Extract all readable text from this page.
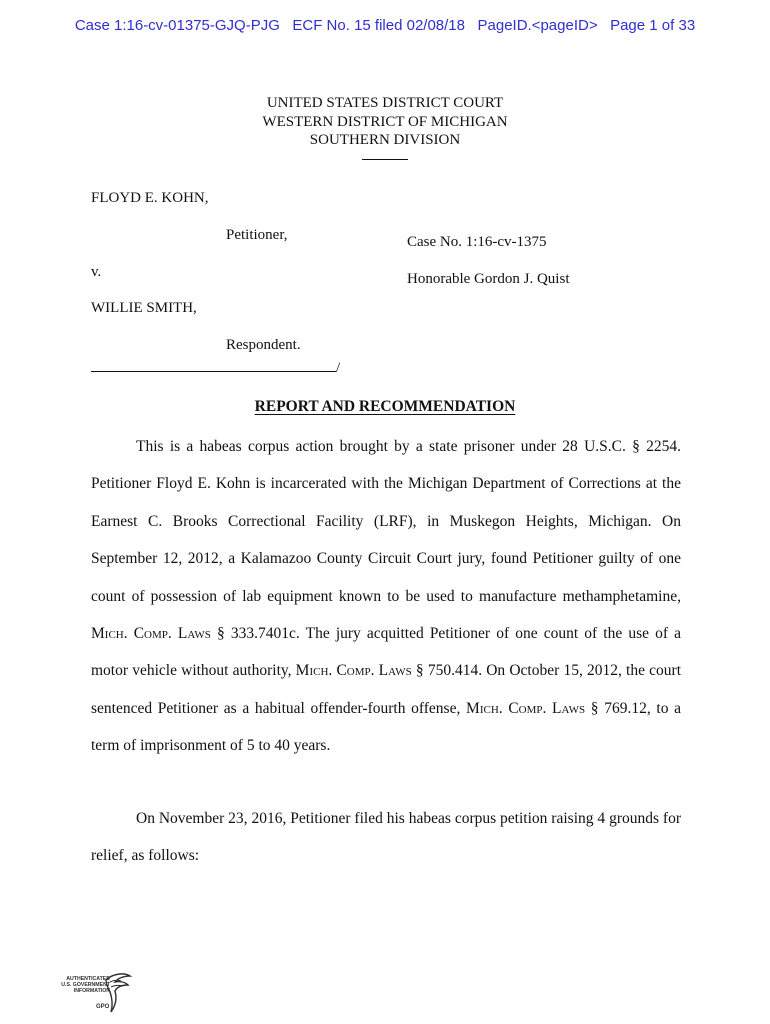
Case 1:16-cv-01375-GJQ-PJG   ECF No. 15 filed 02/08/18   PageID.<pageID>   Page 1 of 33
UNITED STATES DISTRICT COURT
WESTERN DISTRICT OF MICHIGAN
SOUTHERN DIVISION
FLOYD E. KOHN,
Petitioner,	Case No. 1:16-cv-1375
v.	Honorable Gordon J. Quist
WILLIE SMITH,
Respondent.
/
REPORT AND RECOMMENDATION
This is a habeas corpus action brought by a state prisoner under 28 U.S.C. § 2254. Petitioner Floyd E. Kohn is incarcerated with the Michigan Department of Corrections at the Earnest C. Brooks Correctional Facility (LRF), in Muskegon Heights, Michigan. On September 12, 2012, a Kalamazoo County Circuit Court jury, found Petitioner guilty of one count of possession of lab equipment known to be used to manufacture methamphetamine, Mich. Comp. Laws § 333.7401c. The jury acquitted Petitioner of one count of the use of a motor vehicle without authority, Mich. Comp. Laws § 750.414. On October 15, 2012, the court sentenced Petitioner as a habitual offender-fourth offense, Mich. Comp. Laws § 769.12, to a term of imprisonment of 5 to 40 years.
On November 23, 2016, Petitioner filed his habeas corpus petition raising 4 grounds for relief, as follows:
AUTHENTICATED
U.S. GOVERNMENT
INFORMATION
GPO
